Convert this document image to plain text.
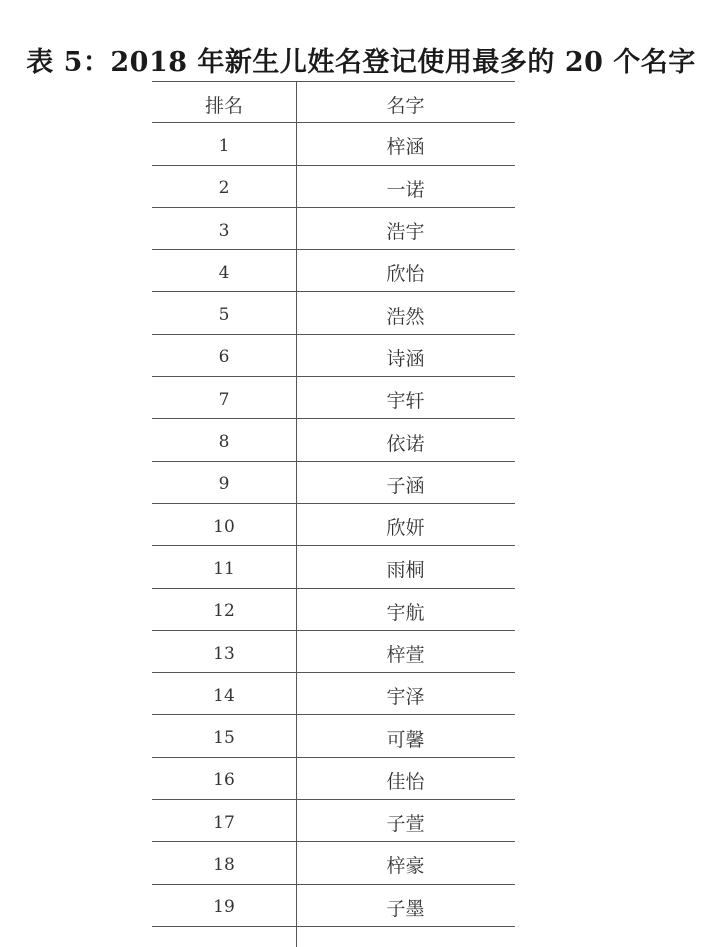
表 5：2018 年新生儿姓名登记使用最多的 20 个名字
排名	名字
1	梓涵
2	一诺
3	浩宇
4	欣怡
5	浩然
6	诗涵
7	宇轩
8	依诺
9	子涵
10	欣妍
11	雨桐
12	宇航
13	梓萱
14	宇泽
15	可馨
16	佳怡
17	子萱
18	梓豪
19	子墨
